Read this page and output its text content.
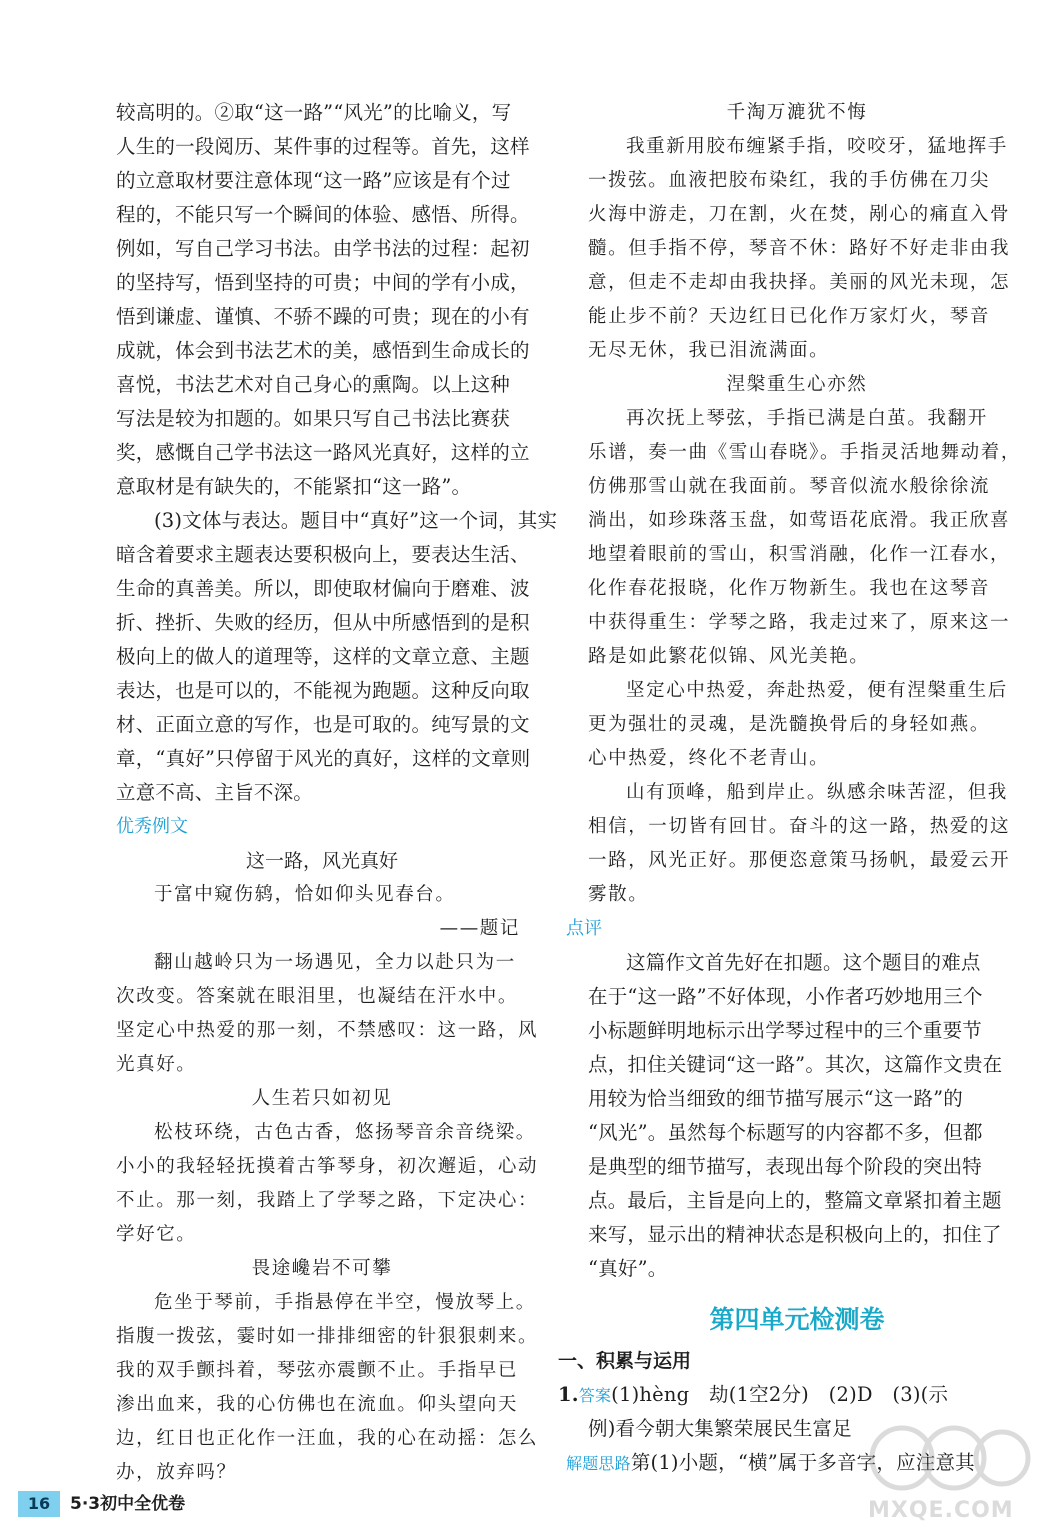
较高明的。②取“这一路”“风光”的比喻义，写
人生的一段阅历、某件事的过程等。首先，这样
的立意取材要注意体现“这一路”应该是有个过
程的，不能只写一个瞬间的体验、感悟、所得。
例如，写自己学习书法。由学书法的过程：起初
的坚持写，悟到坚持的可贵；中间的学有小成，
悟到谦虚、谨慎、不骄不躁的可贵；现在的小有
成就，体会到书法艺术的美，感悟到生命成长的
喜悦，书法艺术对自己身心的熏陶。以上这种
写法是较为扣题的。如果只写自己书法比赛获
奖，感慨自己学书法这一路风光真好，这样的立
意取材是有缺失的，不能紧扣“这一路”。
(3)文体与表达。题目中“真好”这一个词，其实
暗含着要求主题表达要积极向上，要表达生活、
生命的真善美。所以，即使取材偏向于磨难、波
折、挫折、失败的经历，但从中所感悟到的是积
极向上的做人的道理等，这样的文章立意、主题
表达，也是可以的，不能视为跑题。这种反向取
材、正面立意的写作，也是可取的。纯写景的文
章，“真好”只停留于风光的真好，这样的文章则
立意不高、主旨不深。
优秀例文
这一路，风光真好
于富中窥伤鸫，恰如仰头见春台。
——题记
翻山越岭只为一场遇见，全力以赴只为一
次改变。答案就在眼泪里，也凝结在汗水中。
坚定心中热爱的那一刻，不禁感叹：这一路，风
光真好。
人生若只如初见
松枝环绕，古色古香，悠扬琴音余音绕梁。
小小的我轻轻抚摸着古筝琴身，初次邂逅，心动
不止。那一刻，我踏上了学琴之路，下定决心：
学好它。
畏途巉岩不可攀
危坐于琴前，手指悬停在半空，慢放琴上。
指腹一拨弦，霎时如一排排细密的针狠狠刺来。
我的双手颤抖着，琴弦亦震颤不止。手指早已
渗出血来，我的心仿佛也在流血。仰头望向天
边，红日也正化作一汪血，我的心在动摇：怎么
办，放弃吗？
千淘万漉犹不悔
我重新用胶布缠紧手指，咬咬牙，猛地挥手
一拨弦。血液把胶布染红，我的手仿佛在刀尖
火海中游走，刀在割，火在焚，剐心的痛直入骨
髓。但手指不停，琴音不休：路好不好走非由我
意，但走不走却由我抉择。美丽的风光未现，怎
能止步不前？天边红日已化作万家灯火，琴音
无尽无休，我已泪流满面。
涅槃重生心亦然
再次抚上琴弦，手指已满是白茧。我翻开
乐谱，奏一曲《雪山春晓》。手指灵活地舞动着，
仿佛那雪山就在我面前。琴音似流水般徐徐流
淌出，如珍珠落玉盘，如莺语花底滑。我正欣喜
地望着眼前的雪山，积雪消融，化作一江春水，
化作春花报晓，化作万物新生。我也在这琴音
中获得重生：学琴之路，我走过来了，原来这一
路是如此繁花似锦、风光美艳。
坚定心中热爱，奔赴热爱，便有涅槃重生后
更为强壮的灵魂，是洗髓换骨后的身轻如燕。
心中热爱，终化不老青山。
山有顶峰，船到岸止。纵感余味苦涩，但我
相信，一切皆有回甘。奋斗的这一路，热爱的这
一路，风光正好。那便恣意策马扬帆，最爱云开
雾散。
点评
这篇作文首先好在扣题。这个题目的难点
在于“这一路”不好体现，小作者巧妙地用三个
小标题鲜明地标示出学琴过程中的三个重要节
点，扣住关键词“这一路”。其次，这篇作文贵在
用较为恰当细致的细节描写展示“这一路”的
“风光”。虽然每个标题写的内容都不多，但都
是典型的细节描写，表现出每个阶段的突出特
点。最后，主旨是向上的，整篇文章紧扣着主题
来写，显示出的精神状态是积极向上的，扣住了
“真好”。
第四单元检测卷
一、积累与运用
1.答案(1)hèng　劫(1空2分)　(2)D　(3)(示
例)看今朝大集繁荣展民生富足
解题思路第(1)小题，“横”属于多音字，应注意其
16	5·3初中全优卷	MXQE.COM
